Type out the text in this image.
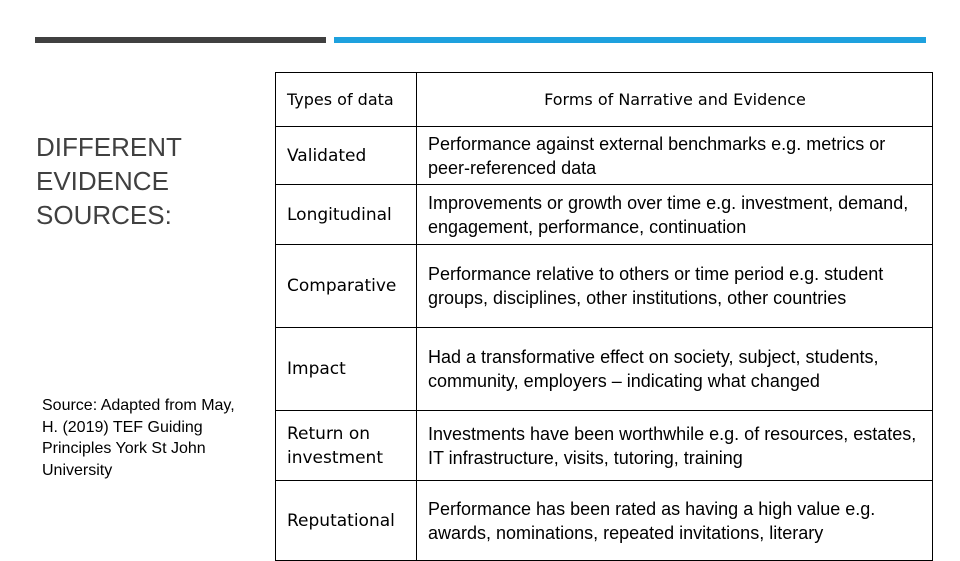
DIFFERENT EVIDENCE SOURCES:
Source: Adapted from May, H. (2019) TEF Guiding Principles York St John University
Types of data	Forms of Narrative and Evidence
Validated	Performance against external benchmarks e.g. metrics or peer-referenced data
Longitudinal	Improvements or growth over time e.g. investment, demand, engagement, performance, continuation
Comparative	Performance relative to others or time period e.g. student groups, disciplines, other institutions, other countries
Impact	Had a transformative effect on society, subject, students, community, employers – indicating what changed
Return on investment	Investments have been worthwhile e.g. of resources, estates, IT infrastructure, visits, tutoring, training
Reputational	Performance has been rated as having a high value e.g. awards, nominations, repeated invitations, literary
